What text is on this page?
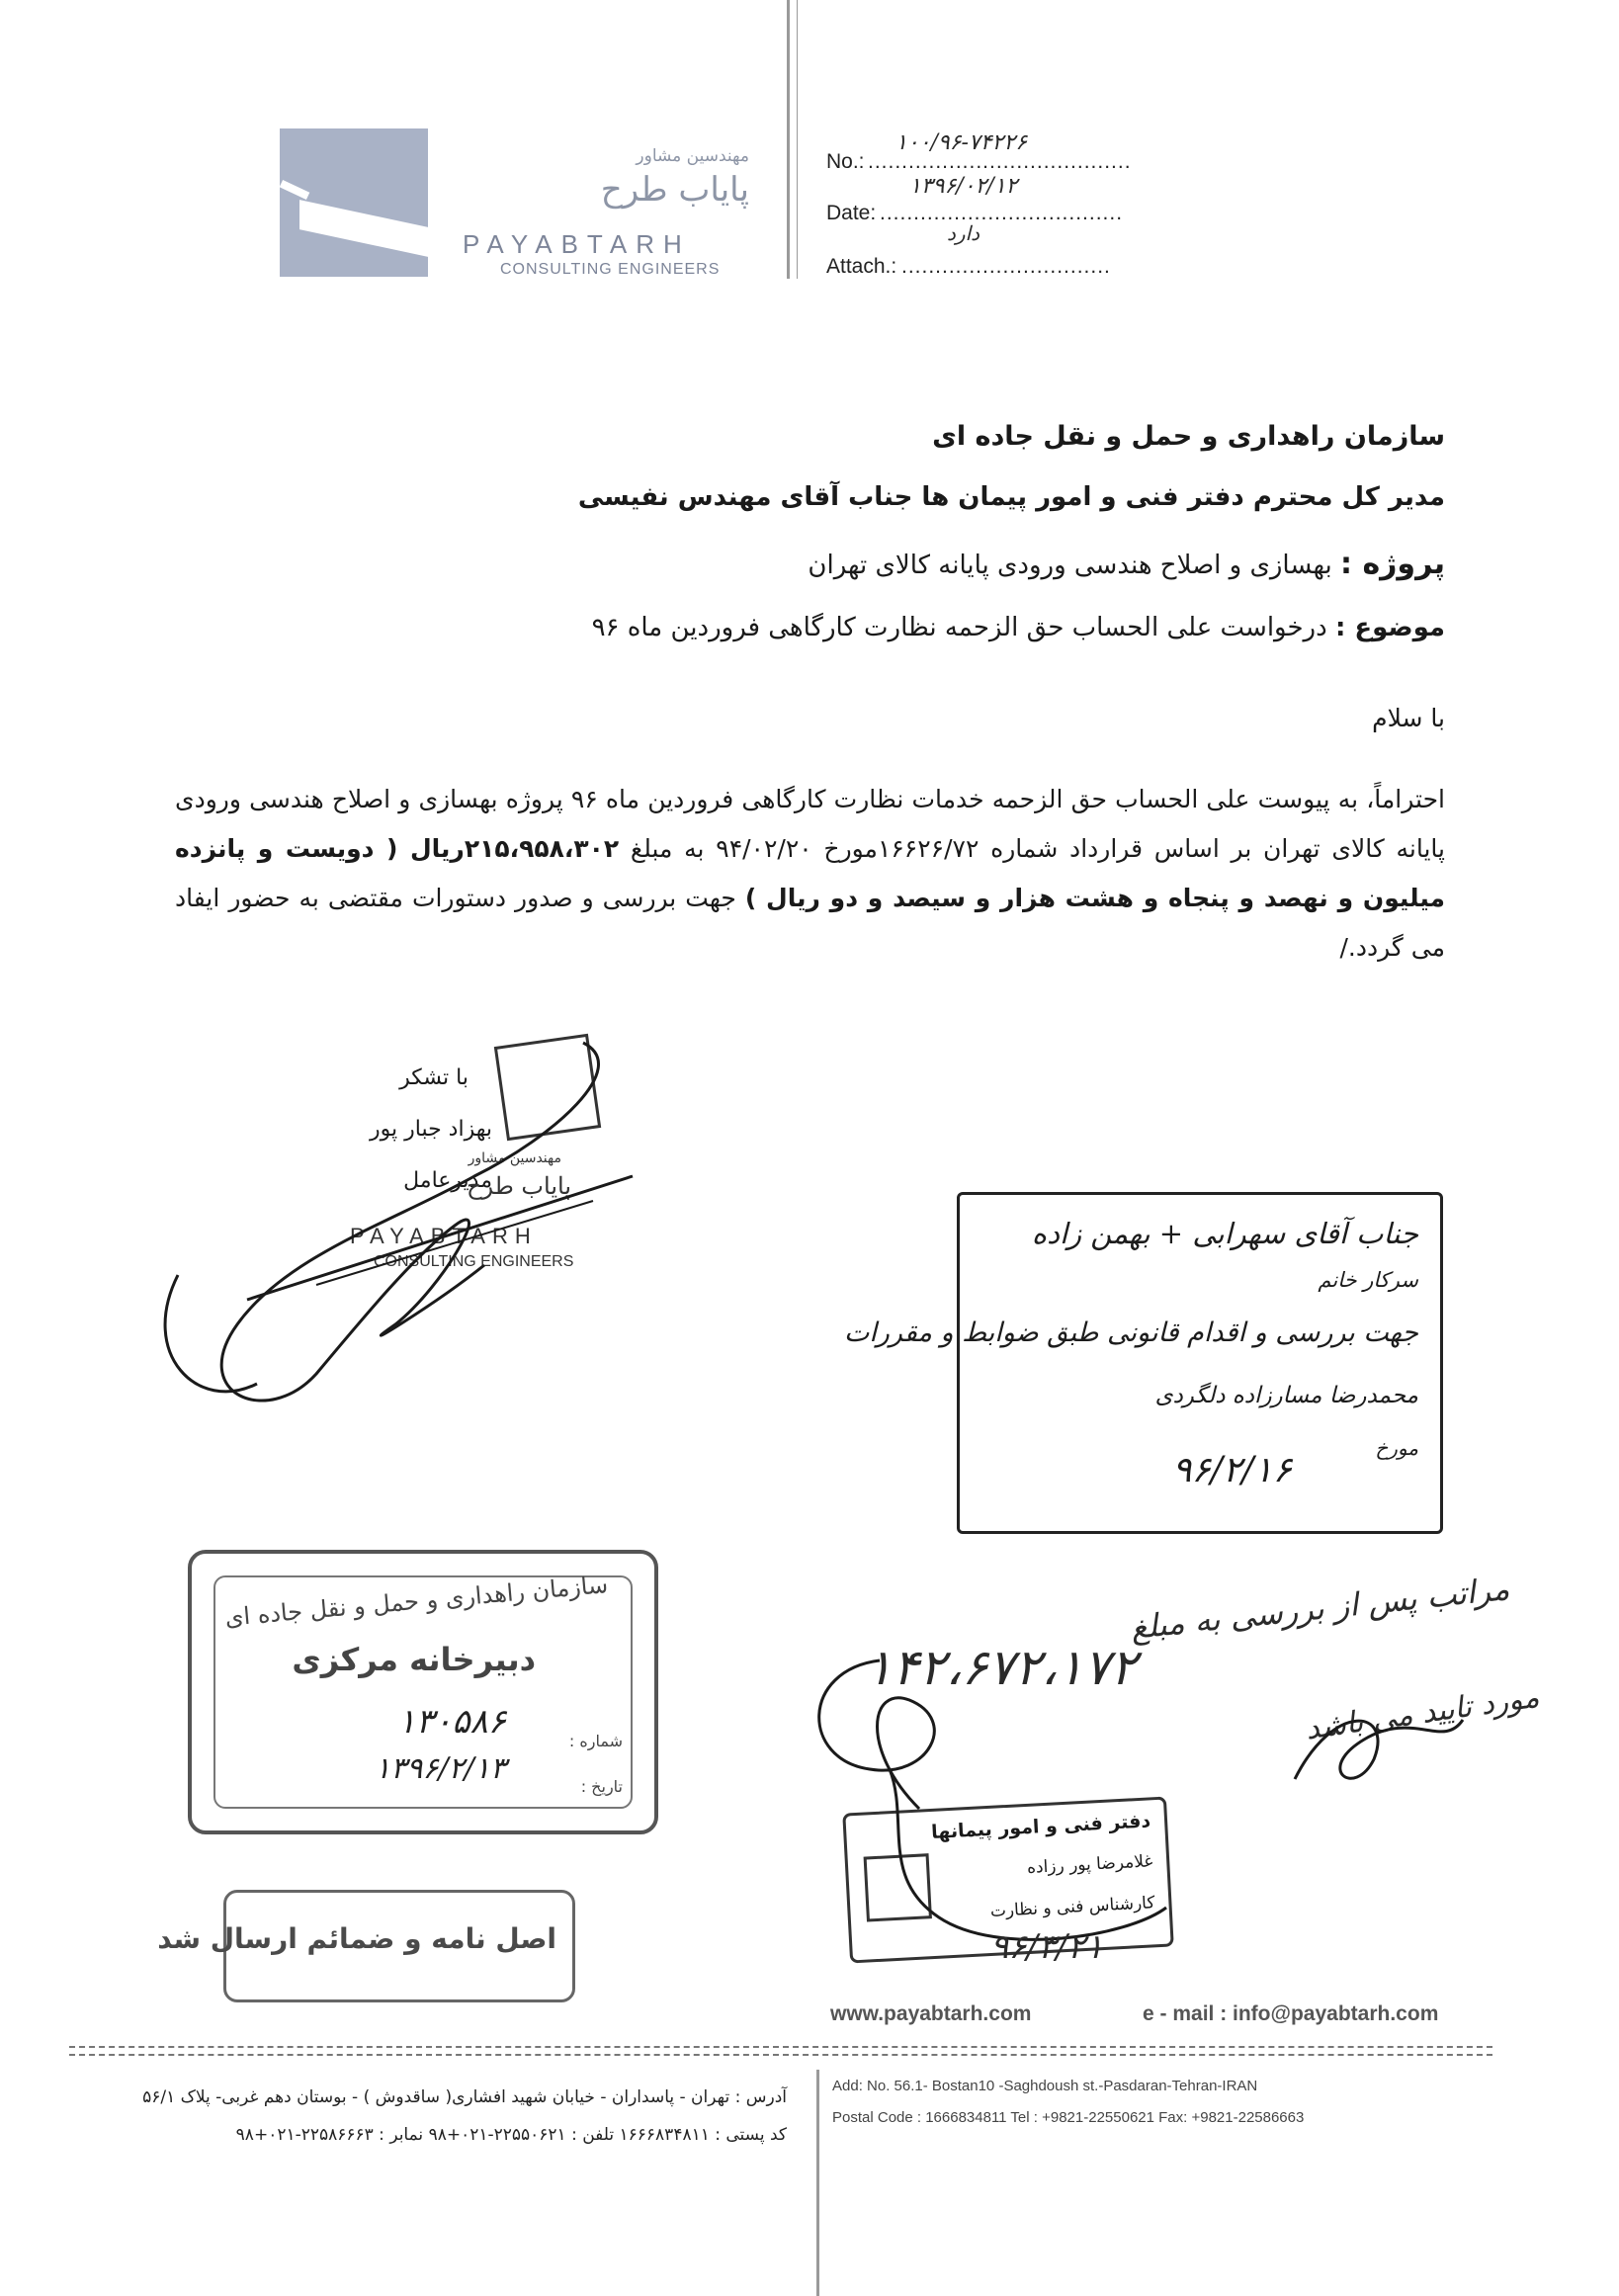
مهندسین مشاور
پایاب طرح
PAYABTARH
CONSULTING ENGINEERS
No.: .......................................
۱۰۰/۹۶-۷۴۲۲۶
Date: ....................................
۱۳۹۶/۰۲/۱۲
Attach.: ...............................
دارد
سازمان راهداری و حمل و نقل جاده ای
مدیر کل محترم دفتر فنی و امور پیمان ها جناب آقای مهندس نفیسی
پروژه : بهسازی و اصلاح هندسی ورودی پایانه کالای تهران
موضوع : درخواست علی الحساب حق الزحمه نظارت کارگاهی فروردین ماه ۹۶
با سلام
احتراماً، به پیوست علی الحساب حق الزحمه خدمات نظارت کارگاهی فروردین ماه ۹۶ پروژه بهسازی و اصلاح هندسی ورودی پایانه کالای تهران بر اساس قرارداد شماره ۱۶۶۲۶/۷۲مورخ ۹۴/۰۲/۲۰ به مبلغ ۲۱۵،۹۵۸،۳۰۲ریال ( دویست و پانزده میلیون و نهصد و پنجاه و هشت هزار و سیصد و دو ریال ) جهت بررسی و صدور دستورات مقتضی به حضور ایفاد می گردد./
با تشکر
بهزاد جبار پور
مدیرعامل
مهندسین مشاور
پایاب طرح
PAYABTARH
CONSULTING ENGINEERS
جناب آقای سهرابی + بهمن زاده
سرکار خانم
جهت بررسی و اقدام قانونی طبق ضوابط و مقررات
محمدرضا مسارزاده دلگردی
مورخ
۹۶/۲/۱۶
سازمان راهداری و حمل و نقل جاده ای
دبیرخانه مرکزی
شماره :
۱۳۰۵۸۶
تاریخ :
۱۳۹۶/۲/۱۳
اصل نامه و ضمائم ارسال شد
۱۴۲،۶۷۲،۱۷۲
مراتب پس از بررسی به مبلغ
مورد تایید می باشد
دفتر فنی و امور پیمانها
غلامرضا پور رزاده
کارشناس فنی و نظارت
۹۶/۳/۲۱
www.payabtarh.com	e - mail : info@payabtarh.com
آدرس : تهران - پاسداران - خیابان شهید افشاری( ساقدوش ) - بوستان دهم غربی- پلاک ۵۶/۱
کد پستی : ۱۶۶۶۸۳۴۸۱۱ تلفن : ۲۲۵۵۰۶۲۱-۰۲۱+۹۸ نمابر : ۲۲۵۸۶۶۶۳-۰۲۱+۹۸
Add: No. 56.1- Bostan10 -Saghdoush st.-Pasdaran-Tehran-IRAN
Postal Code : 1666834811 Tel : +9821-22550621 Fax: +9821-22586663
